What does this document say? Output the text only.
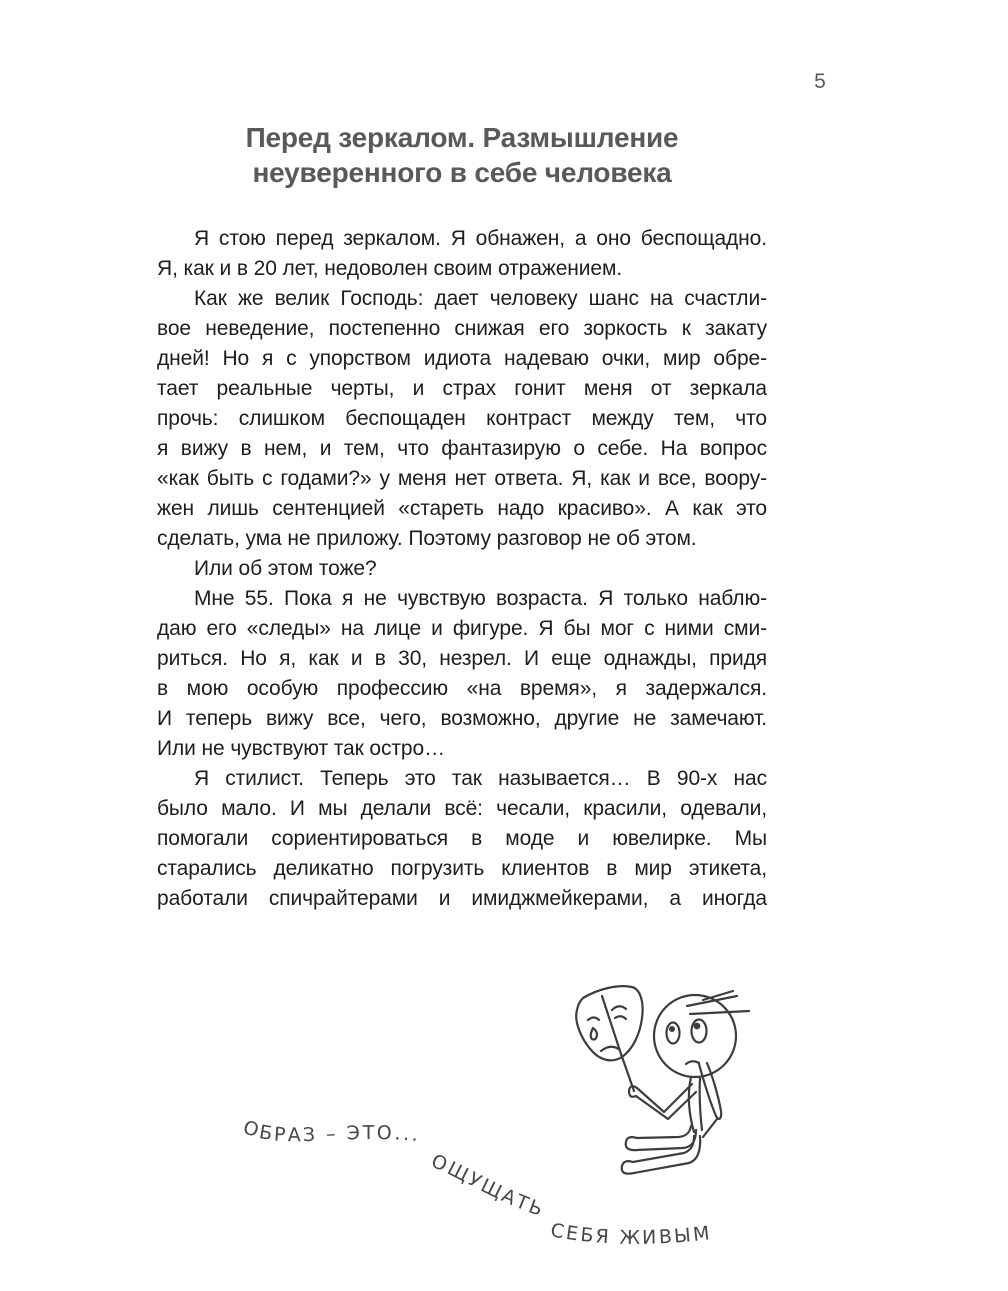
5
Перед зеркалом. Размышление
неуверенного в себе человека
Я стою перед зеркалом. Я обнажен, а оно беспощадно.
Я, как и в 20 лет, недоволен своим отражением.
Как же велик Господь: дает человеку шанс на счастли-
вое неведение, постепенно снижая его зоркость к закату
дней! Но я с упорством идиота надеваю очки, мир обре-
тает реальные черты, и страх гонит меня от зеркала
прочь: слишком беспощаден контраст между тем, что
я вижу в нем, и тем, что фантазирую о себе. На вопрос
«как быть с годами?» у меня нет ответа. Я, как и все, воору-
жен лишь сентенцией «стареть надо красиво». А как это
сделать, ума не приложу. Поэтому разговор не об этом.
Или об этом тоже?
Мне 55. Пока я не чувствую возраста. Я только наблю-
даю его «следы» на лице и фигуре. Я бы мог с ними сми-
риться. Но я, как и в 30, незрел. И еще однажды, придя
в мою особую профессию «на время», я задержался.
И теперь вижу все, чего, возможно, другие не замечают.
Или не чувствуют так остро…
Я стилист. Теперь это так называется… В 90-х нас
было мало. И мы делали всё: чесали, красили, одевали,
помогали сориентироваться в моде и ювелирке. Мы
старались деликатно погрузить клиентов в мир этикета,
работали спичрайтерами и имиджмейкерами, а иногда
ОБРАЗ – ЭТО...
ОЩУЩАТЬ
СЕБЯ ЖИВЫМ
